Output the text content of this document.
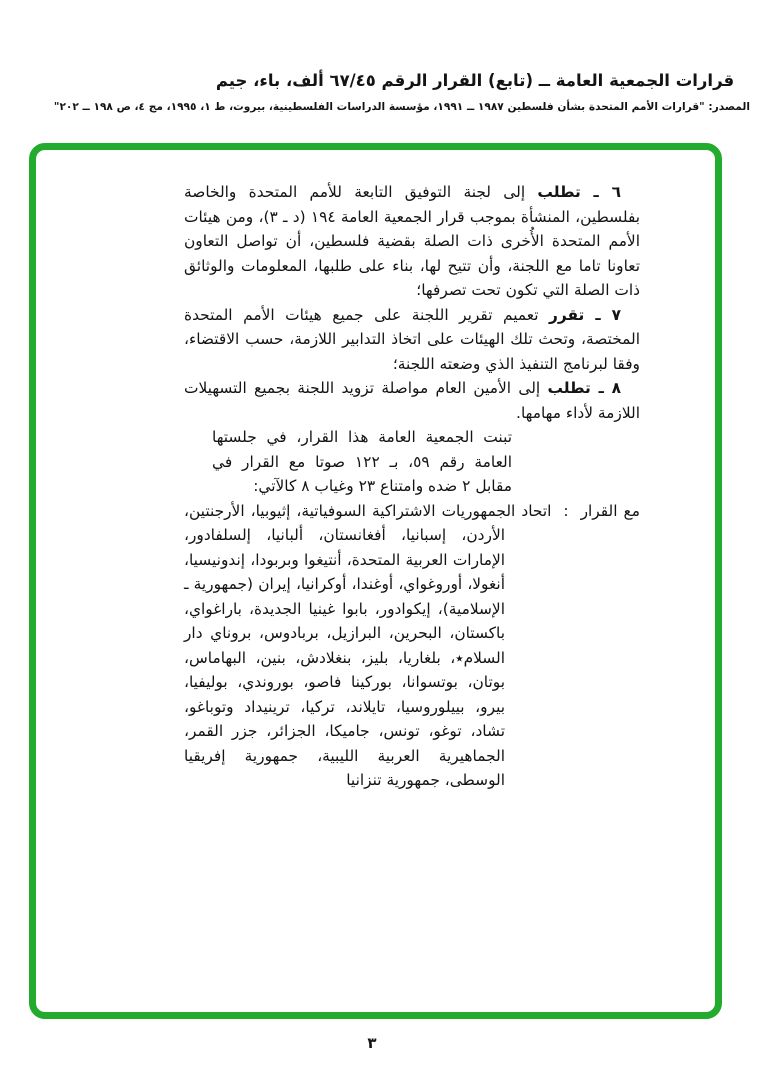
قرارات الجمعية العامة ــ (تابع) القرار الرقم ٦٧/٤٥ ألف، باء، جيم
المصدر: "قرارات الأمم المتحدة بشأن فلسطين ١٩٨٧ ــ ١٩٩١، مؤسسة الدراسات الفلسطينية، بيروت، ط ١، ١٩٩٥، مج ٤، ص ١٩٨ ــ ٢٠٢"

٦ ـ تطلب إلى لجنة التوفيق التابعة للأمم المتحدة والخاصة بفلسطين، المنشأة بموجب قرار الجمعية العامة ١٩٤ (د ـ ٣)، ومن هيئات الأمم المتحدة الأُخرى ذات الصلة بقضية فلسطين، أن تواصل التعاون تعاونا تاما مع اللجنة، وأن تتيح لها، بناء على طلبها، المعلومات والوثائق ذات الصلة التي تكون تحت تصرفها؛

٧ ـ تقرر تعميم تقرير اللجنة على جميع هيئات الأمم المتحدة المختصة، وتحث تلك الهيئات على اتخاذ التدابير اللازمة، حسب الاقتضاء، وفقا لبرنامج التنفيذ الذي وضعته اللجنة؛

٨ ـ تطلب إلى الأمين العام مواصلة تزويد اللجنة بجميع التسهيلات اللازمة لأداء مهامها.

تبنت الجمعية العامة هذا القرار، في جلستها العامة رقم ٥٩، بـ ١٢٢ صوتا مع القرار في مقابل ٢ ضده وامتناع ٢٣ وغياب ٨ كالآتي:

مع القرار:اتحاد الجمهوريات الاشتراكية السوفياتية، إثيوبيا، الأرجنتين، الأردن، إسبانيا، أفغانستان، ألبانيا، إلسلفادور، الإمارات العربية المتحدة، أنتيغوا وبربودا، إندونيسيا، أنغولا، أوروغواي، أوغندا، أوكرانيا، إيران (جمهورية ـ الإسلامية)، إيكوادور، بابوا غينيا الجديدة، باراغواي، باكستان، البحرين، البرازيل، بربادوس، بروناي دار السلام٭، بلغاريا، بليز، بنغلادش، بنين، البهاماس، بوتان، بوتسوانا، بوركينا فاصو، بوروندي، بوليفيا، بيرو، بييلوروسيا، تايلاند، تركيا، ترينيداد وتوباغو، تشاد، توغو، تونس، جاميكا، الجزائر، جزر القمر، الجماهيرية العربية الليبية، جمهورية إفريقيا الوسطى، جمهورية تنزانيا

٣
